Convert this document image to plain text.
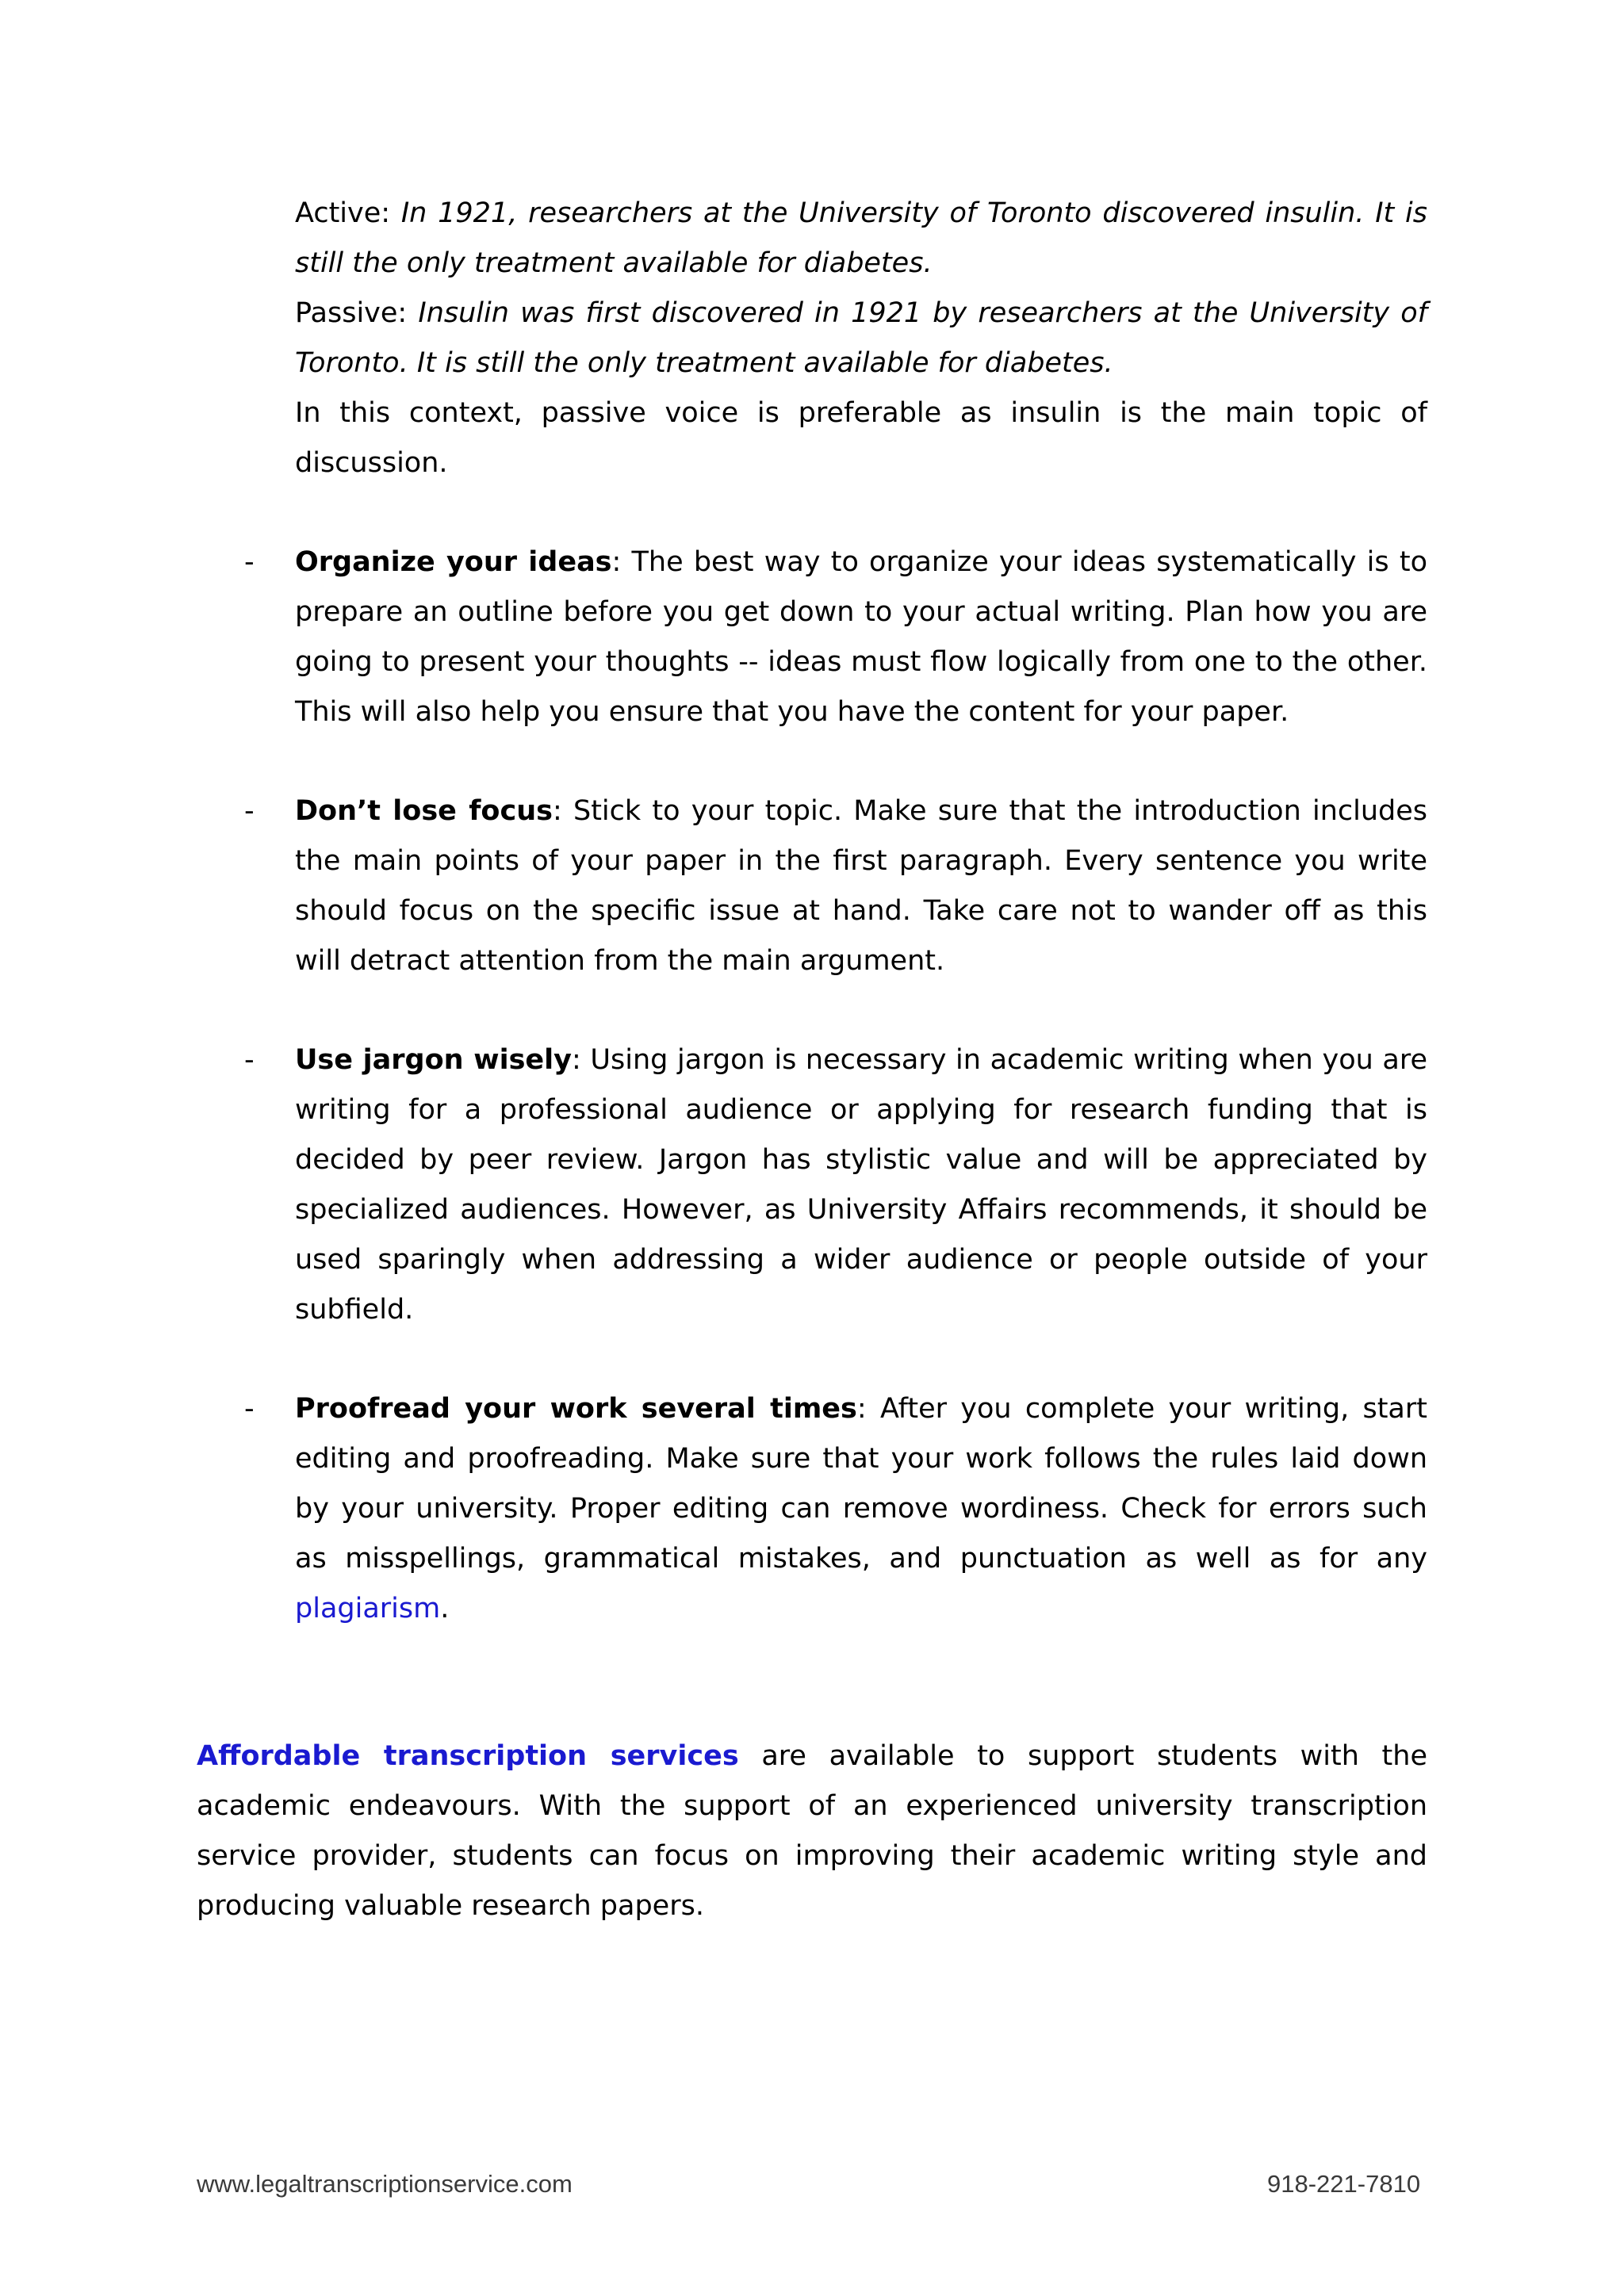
Active: In 1921, researchers at the University of Toronto discovered insulin. It is still the only treatment available for diabetes.

Passive: Insulin was first discovered in 1921 by researchers at the University of Toronto. It is still the only treatment available for diabetes.

In this context, passive voice is preferable as insulin is the main topic of discussion.

- Organize your ideas: The best way to organize your ideas systematically is to prepare an outline before you get down to your actual writing. Plan how you are going to present your thoughts -- ideas must flow logically from one to the other. This will also help you ensure that you have the content for your paper.

- Don’t lose focus: Stick to your topic. Make sure that the introduction includes the main points of your paper in the first paragraph. Every sentence you write should focus on the specific issue at hand. Take care not to wander off as this will detract attention from the main argument.

- Use jargon wisely: Using jargon is necessary in academic writing when you are writing for a professional audience or applying for research funding that is decided by peer review. Jargon has stylistic value and will be appreciated by specialized audiences. However, as University Affairs recommends, it should be used sparingly when addressing a wider audience or people outside of your subfield.

- Proofread your work several times: After you complete your writing, start editing and proofreading. Make sure that your work follows the rules laid down by your university. Proper editing can remove wordiness. Check for errors such as misspellings, grammatical mistakes, and punctuation as well as for any plagiarism.

Affordable transcription services are available to support students with the academic endeavours. With the support of an experienced university transcription service provider, students can focus on improving their academic writing style and producing valuable research papers.

www.legaltranscriptionservice.com	918-221-7810
